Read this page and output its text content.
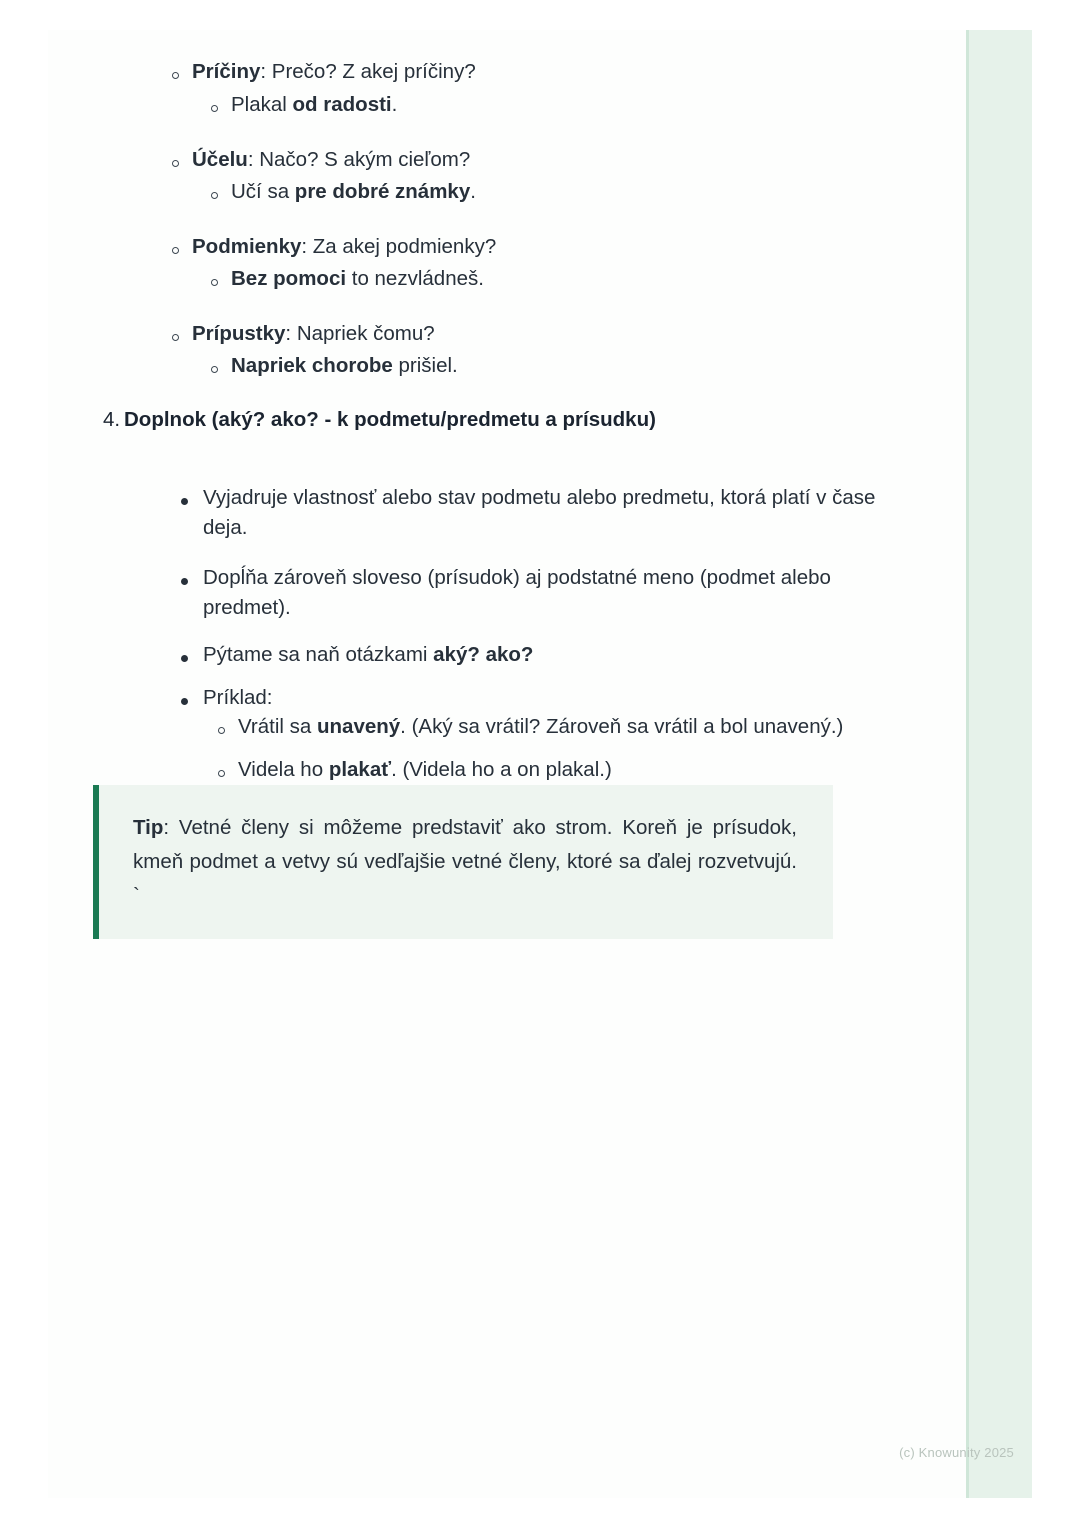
Príčiny: Prečo? Z akej príčiny?
Plakal od radosti.
Účelu: Načo? S akým cieľom?
Učí sa pre dobré známky.
Podmienky: Za akej podmienky?
Bez pomoci to nezvládneš.
Prípustky: Napriek čomu?
Napriek chorobe prišiel.
4. Doplnok (aký? ako? - k podmetu/predmetu a prísudku)
Vyjadruje vlastnosť alebo stav podmetu alebo predmetu, ktorá platí v čase deja.
Dopĺňa zároveň sloveso (prísudok) aj podstatné meno (podmet alebo predmet).
Pýtame sa naň otázkami aký? ako?
Príklad:
Vrátil sa unavený. (Aký sa vrátil? Zároveň sa vrátil a bol unavený.)
Videla ho plakať. (Videla ho a on plakal.)

Tip: Vetné členy si môžeme predstaviť ako strom. Koreň je prísudok, kmeň podmet a vetvy sú vedľajšie vetné členy, ktoré sa ďalej rozvetvujú. `

(c) Knowunity 2025
